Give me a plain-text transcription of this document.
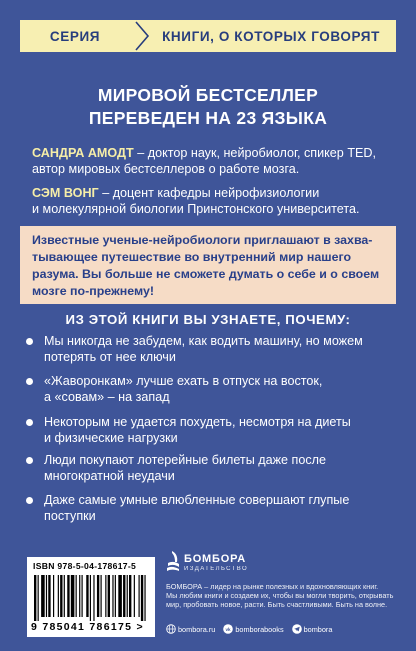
СЕРИЯ	КНИГИ, О КОТОРЫХ ГОВОРЯТ
МИРОВОЙ БЕСТСЕЛЛЕР
ПЕРЕВЕДЕН НА 23 ЯЗЫКА
САНДРА АМОДТ – доктор наук, нейробиолог, спикер TED,
автор мировых бестселлеров о работе мозга.
СЭМ ВОНГ – доцент кафедры нейрофизиологии
и молекулярной биологии Принстонского университета.
Известные ученые-нейробиологи приглашают в захва-
тывающее путешествие во внутренний мир нашего
разума. Вы больше не сможете думать о себе и о своем
мозге по-прежнему!
ИЗ ЭТОЙ КНИГИ ВЫ УЗНАЕТЕ, ПОЧЕМУ:
Мы никогда не забудем, как водить машину, но можем
потерять от нее ключи
«Жаворонкам» лучше ехать в отпуск на восток,
а «совам» – на запад
Некоторым не удается похудеть, несмотря на диеты
и физические нагрузки
Люди покупают лотерейные билеты даже после
многократной неудачи
Даже самые умные влюбленные совершают глупые
поступки
ISBN 978-5-04-178617-5
9 785041 786175 >
БОМБОРА
ИЗДАТЕЛЬСТВО
БОМБОРА – лидер на рынке полезных и вдохновляющих книг.
Мы любим книги и создаем их, чтобы вы могли творить, открывать
мир, пробовать новое, расти. Быть счастливыми. Быть на волне.
bombora.ru vk bomborabooks	bombora
